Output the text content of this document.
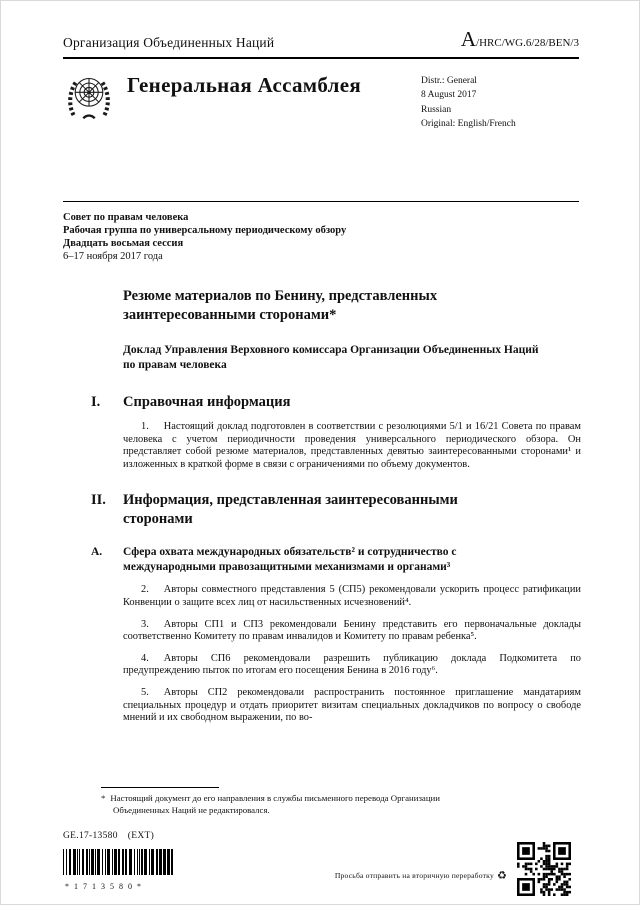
Организация Объединенных Наций	A/HRC/WG.6/28/BEN/3
Генеральная Ассамблея	Distr.: General
8 August 2017
Russian
Original: English/French
Совет по правам человека
Рабочая группа по универсальному периодическому обзору
Двадцать восьмая сессия
6–17 ноября 2017 года
Резюме материалов по Бенину, представленных заинтересованными сторонами*
Доклад Управления Верховного комиссара Организации Объединенных Наций по правам человека
I.	Справочная информация

1. Настоящий доклад подготовлен в соответствии с резолюциями 5/1 и 16/21 Совета по правам человека с учетом периодичности проведения универсального периодического обзора. Он представляет собой резюме материалов, представленных девятью заинтересованными сторонами¹ и изложенных в краткой форме в связи с ограничениями по объему документов.

II.	Информация, представленная заинтересованными сторонами
A.	Сфера охвата международных обязательств² и сотрудничество с международными правозащитными механизмами и органами³

2. Авторы совместного представления 5 (СП5) рекомендовали ускорить процесс ратификации Конвенции о защите всех лиц от насильственных исчезновений⁴.

3. Авторы СП1 и СП3 рекомендовали Бенину представить его первоначальные доклады соответственно Комитету по правам инвалидов и Комитету по правам ребенка⁵.

4. Авторы СП6 рекомендовали разрешить публикацию доклада Подкомитета по предупреждению пыток по итогам его посещения Бенина в 2016 году⁶.

5. Авторы СП2 рекомендовали распространить постоянное приглашение мандатариям специальных процедур и отдать приоритет визитам специальных докладчиков по вопросу о свободе мнений и их свободном выражении, по во-

* Настоящий документ до его направления в службы письменного перевода Организации Объединенных Наций не редактировался.

GE.17-13580 (EXT)
*1713580*
Просьба отправить на вторичную переработку ♻
